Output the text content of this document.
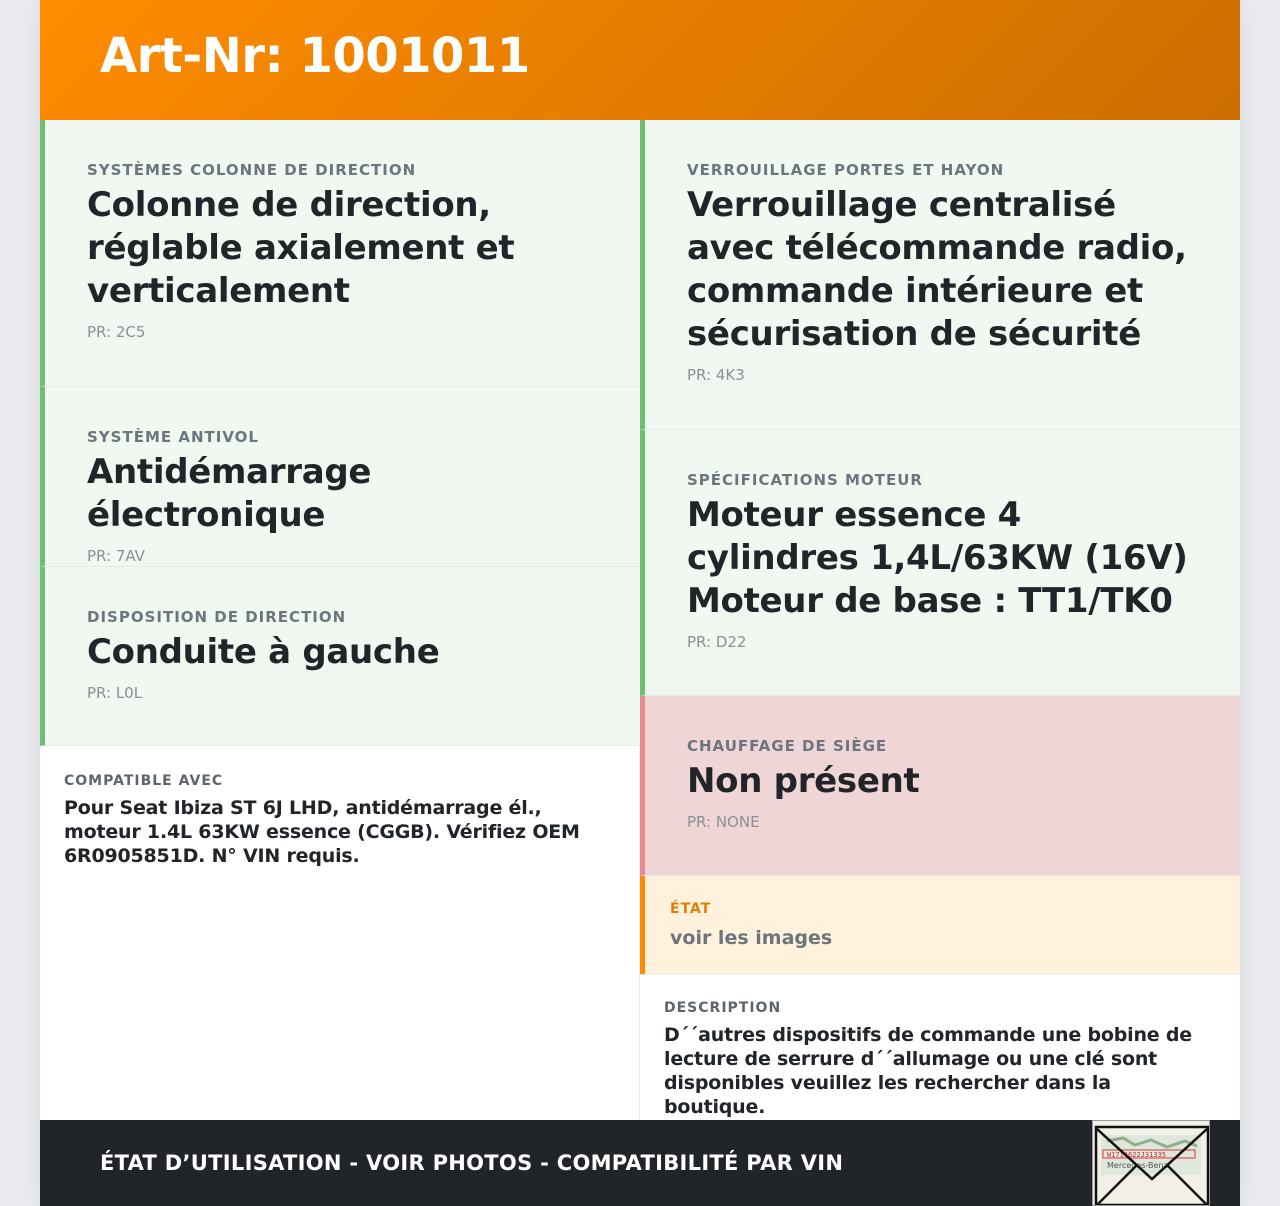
Art-Nr: 1001011
SYSTÈMES COLONNE DE DIRECTION
Colonne de direction, réglable axialement et verticalement
PR: 2C5
SYSTÈME ANTIVOL
Antidémarrage électronique
PR: 7AV
DISPOSITION DE DIRECTION
Conduite à gauche
PR: L0L
VERROUILLAGE PORTES ET HAYON
Verrouillage centralisé avec télécommande radio, commande intérieure et sécurisation de sécurité
PR: 4K3
SPÉCIFICATIONS MOTEUR
Moteur essence 4 cylindres 1,4L/63KW (16V) Moteur de base : TT1/TK0
PR: D22
CHAUFFAGE DE SIÈGE
Non présent
PR: NONE
COMPATIBLE AVEC
Pour Seat Ibiza ST 6J LHD, antidémarrage él., moteur 1.4L 63KW essence (CGGB). Vérifiez OEM 6R0905851D. N° VIN requis.
ÉTAT
voir les images
DESCRIPTION
D´´autres dispositifs de commande une bobine de lecture de serrure d´´allumage ou une clé sont disponibles veuillez les rechercher dans la boutique.
ÉTAT D’UTILISATION - VOIR PHOTOS - COMPATIBILITÉ PAR VIN	W1714622J31335
Mercedes-Benz
